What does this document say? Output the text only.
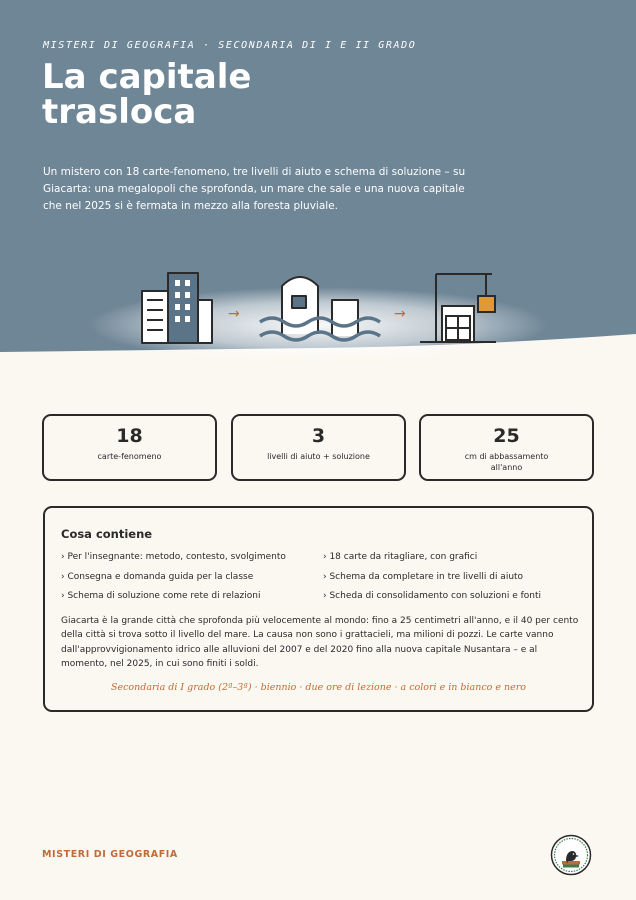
MISTERI DI GEOGRAFIA · SECONDARIA DI I E II GRADO
La capitale
trasloca

Un mistero con 18 carte-fenomeno, tre livelli di aiuto e schema di soluzione – su Giacarta: una megalopoli che sprofonda, un mare che sale e una nuova capitale che nel 2025 si è fermata in mezzo alla foresta pluviale.

→	→
18
carte-fenomeno
3
livelli di aiuto + soluzione
25
cm di abbassamento all'anno
Cosa contiene
› Per l'insegnante: metodo, contesto, svolgimento
› Consegna e domanda guida per la classe
› Schema di soluzione come rete di relazioni
› 18 carte da ritagliare, con grafici
› Schema da completare in tre livelli di aiuto
› Scheda di consolidamento con soluzioni e fonti

Giacarta è la grande città che sprofonda più velocemente al mondo: fino a 25 centimetri all'anno, e il 40 per cento della città si trova sotto il livello del mare. La causa non sono i grattacieli, ma milioni di pozzi. Le carte vanno dall'approvvigionamento idrico alle alluvioni del 2007 e del 2020 fino alla nuova capitale Nusantara – e al momento, nel 2025, in cui sono finiti i soldi.

Secondaria di I grado (2ª–3ª) · biennio · due ore di lezione · a colori e in bianco e nero
MISTERI DI GEOGRAFIA
